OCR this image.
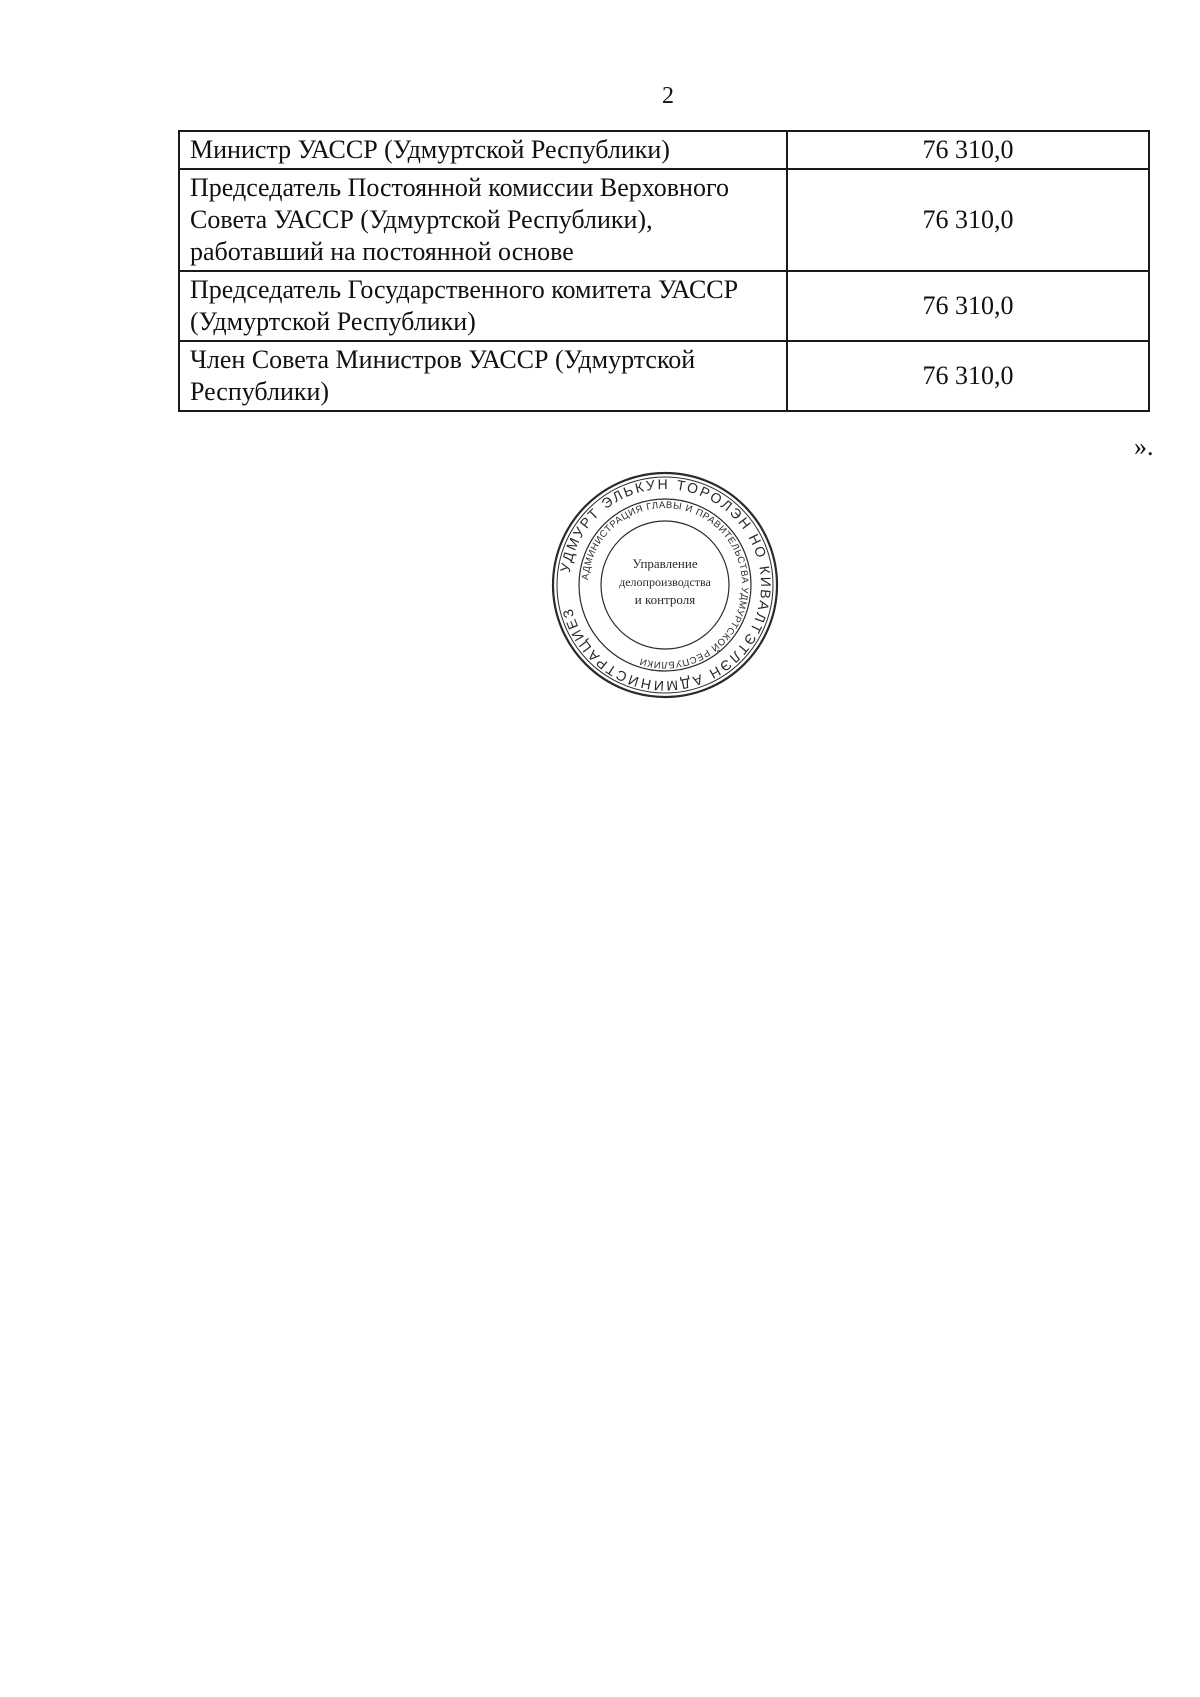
2
Министр УАССР (Удмуртской Республики)	76 310,0
Председатель Постоянной комиссии Верховного Совета УАССР (Удмуртской Республики), работавший на постоянной основе	76 310,0
Председатель Государственного комитета УАССР (Удмуртской Республики)	76 310,0
Член Совета Министров УАССР (Удмуртской Республики)	76 310,0
».
УДМУРТ ЭЛЬКУН ТОРОЛЭН НО КИВАЛТЭТЛЭН АДМИНИСТРАЦИЕЗ
АДМИНИСТРАЦИЯ ГЛАВЫ И ПРАВИТЕЛЬСТВА УДМУРТСКОЙ РЕСПУБЛИКИ
Управление
делопроизводства
и контроля
